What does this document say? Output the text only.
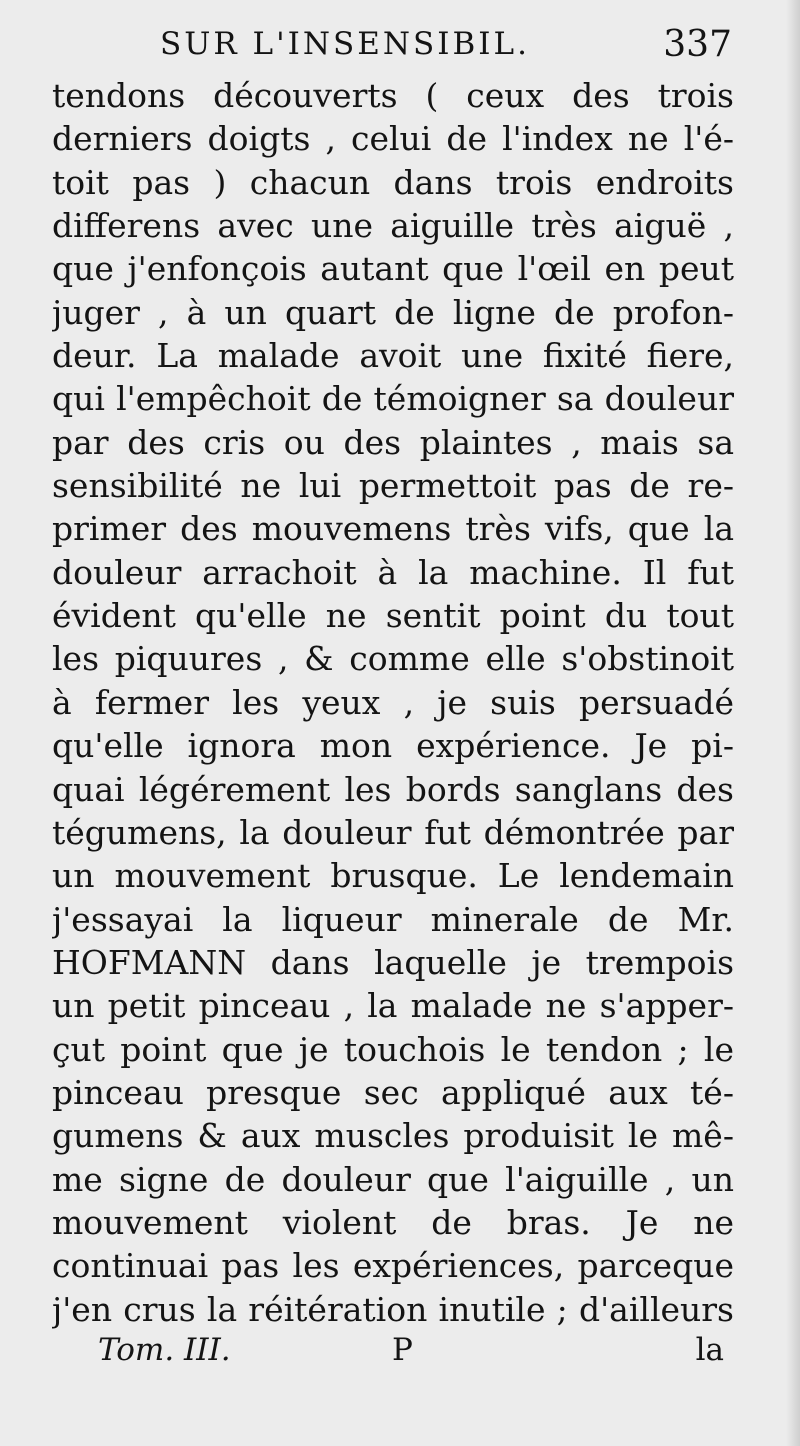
SUR L'INSENSIBIL.	337
tendons découverts ( ceux des trois
derniers doigts , celui de l'index ne l'é-
toit pas ) chacun dans trois endroits
differens avec une aiguille très aiguë ,
que j'enfonçois autant que l'œil en peut
juger , à un quart de ligne de profon-
deur. La malade avoit une fixité fiere,
qui l'empêchoit de témoigner sa douleur
par des cris ou des plaintes , mais sa
sensibilité ne lui permettoit pas de re-
primer des mouvemens très vifs, que la
douleur arrachoit à la machine. Il fut
évident qu'elle ne sentit point du tout
les piquures , & comme elle s'obstinoit
à fermer les yeux , je suis persuadé
qu'elle ignora mon expérience. Je pi-
quai légérement les bords sanglans des
tégumens, la douleur fut démontrée par
un mouvement brusque. Le lendemain
j'essayai la liqueur minerale de Mr.
HOFMANN dans laquelle je trempois
un petit pinceau , la malade ne s'apper-
çut point que je touchois le tendon ; le
pinceau presque sec appliqué aux té-
gumens & aux muscles produisit le mê-
me signe de douleur que l'aiguille , un
mouvement violent de bras. Je ne
continuai pas les expériences, parceque
j'en crus la réitération inutile ; d'ailleurs
Tom. III.	P	la
